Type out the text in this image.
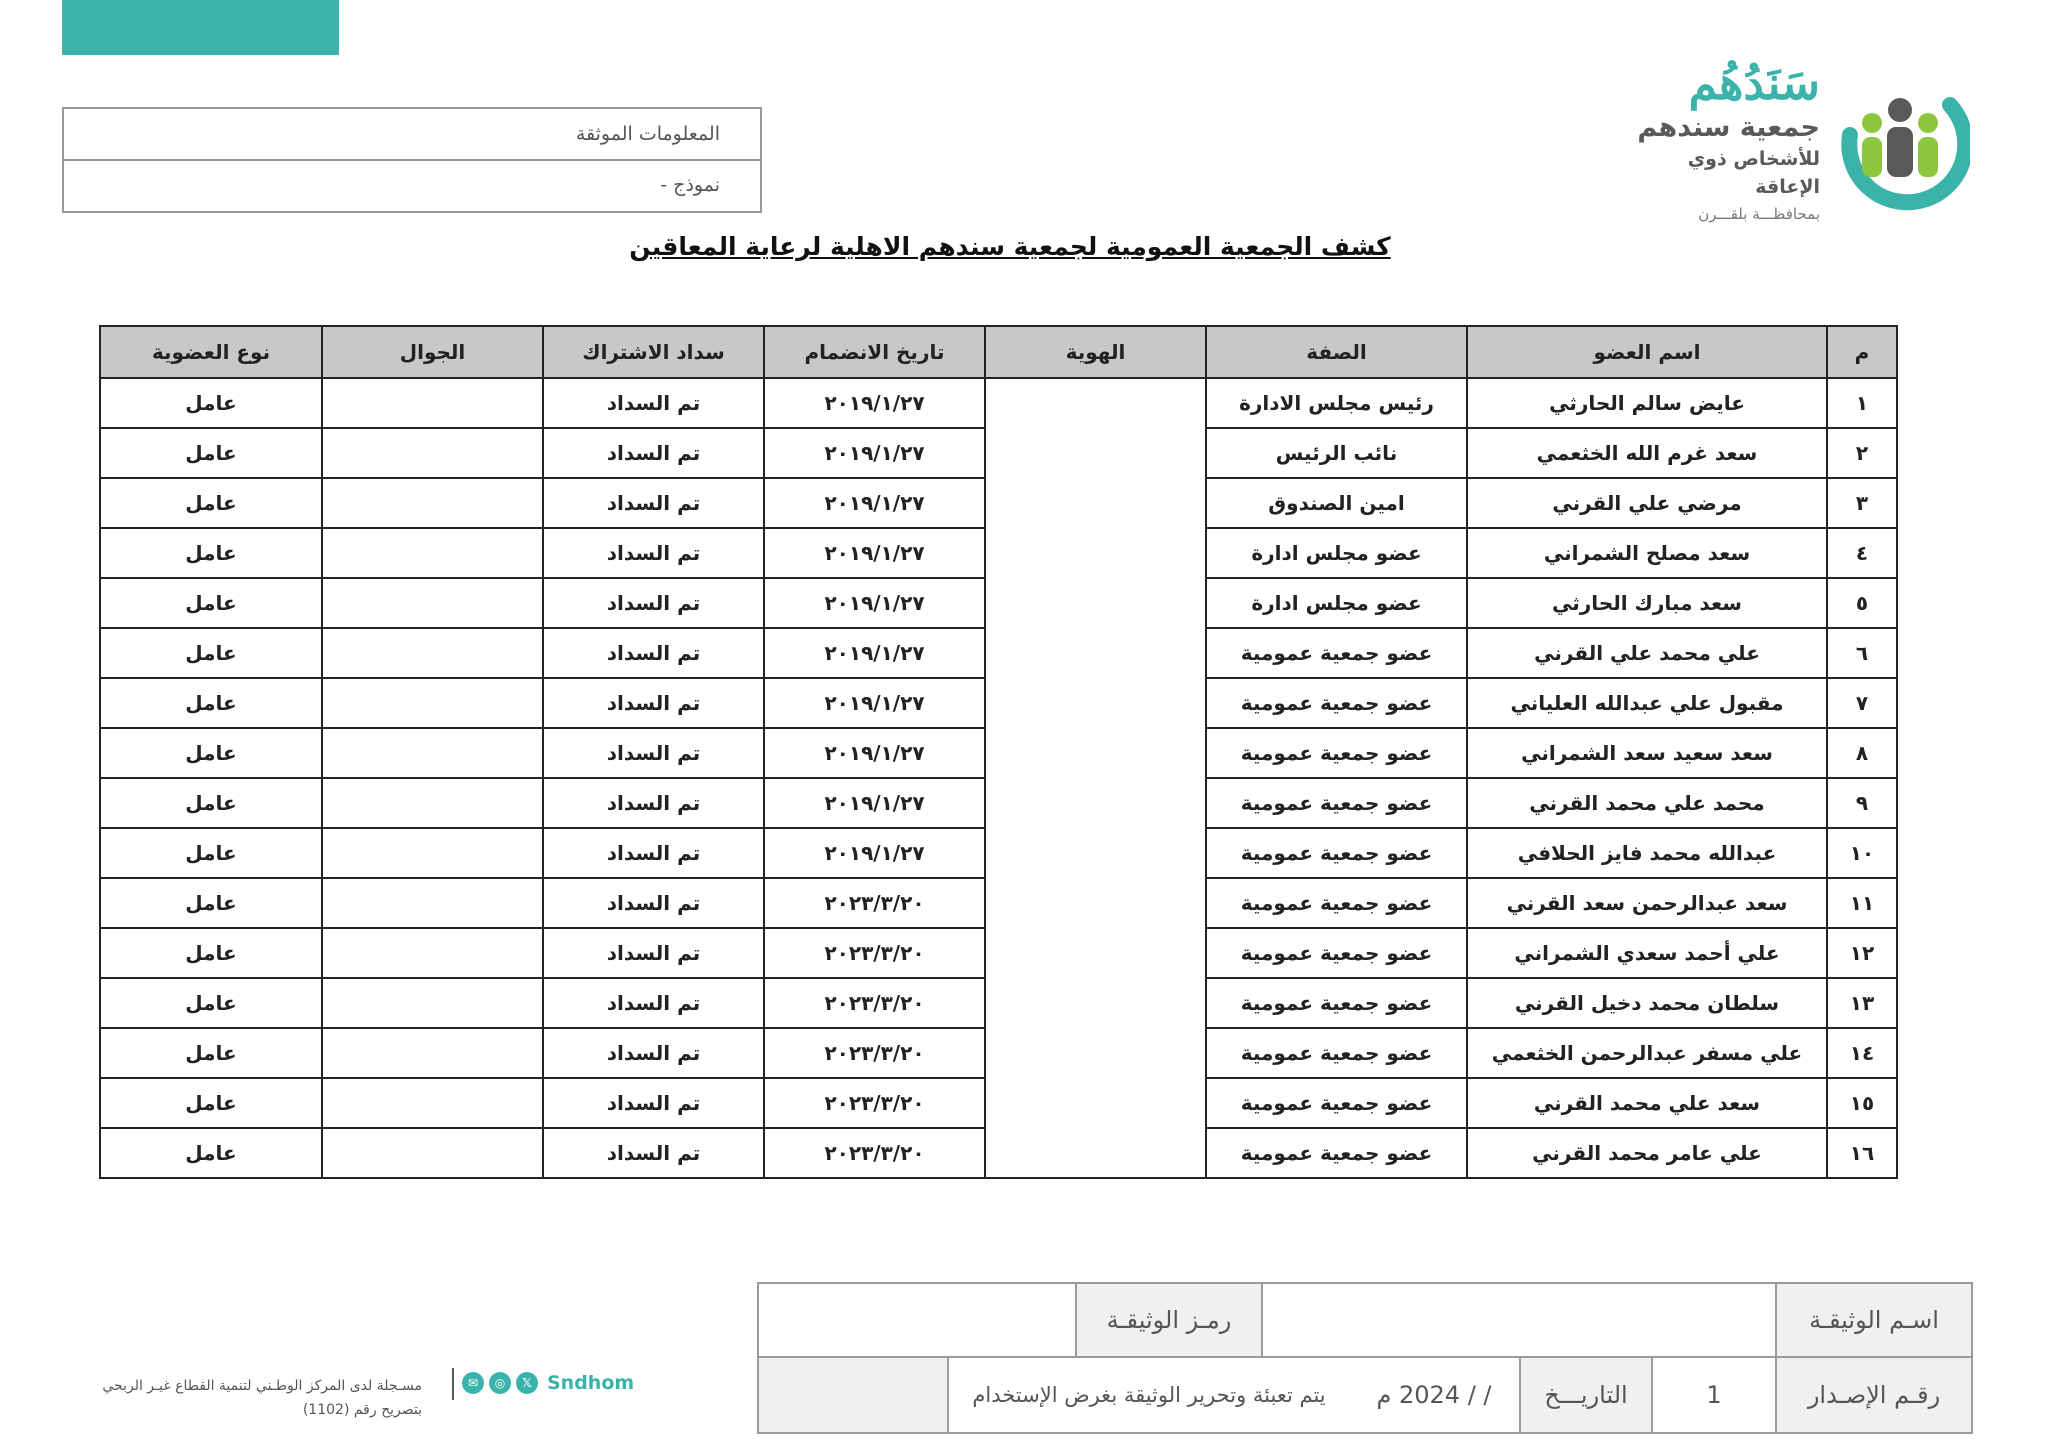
المعلومات الموثقة
نموذج -
سَنَدُهُم
جمعية سندهم
للأشخاص ذوي الإعاقة
بمحافظـــة بلقـــرن
كشف الجمعية العمومية لجمعية سندهم الاهلية لرعاية المعاقين
م	اسم العضو	الصفة	الهوية	تاريخ الانضمام	سداد الاشتراك	الجوال	نوع العضوية
١	عايض سالم الحارثي	رئيس مجلس الادارة		٢٠١٩/١/٢٧	تم السداد		عامل
٢	سعد غرم الله الخثعمي	نائب الرئيس		٢٠١٩/١/٢٧	تم السداد		عامل
٣	مرضي علي القرني	امين الصندوق		٢٠١٩/١/٢٧	تم السداد		عامل
٤	سعد مصلح الشمراني	عضو مجلس ادارة		٢٠١٩/١/٢٧	تم السداد		عامل
٥	سعد مبارك الحارثي	عضو مجلس ادارة		٢٠١٩/١/٢٧	تم السداد		عامل
٦	علي محمد علي القرني	عضو جمعية عمومية		٢٠١٩/١/٢٧	تم السداد		عامل
٧	مقبول علي عبدالله العلياني	عضو جمعية عمومية		٢٠١٩/١/٢٧	تم السداد		عامل
٨	سعد سعيد سعد الشمراني	عضو جمعية عمومية		٢٠١٩/١/٢٧	تم السداد		عامل
٩	محمد علي محمد القرني	عضو جمعية عمومية		٢٠١٩/١/٢٧	تم السداد		عامل
١٠	عبدالله محمد فايز الحلافي	عضو جمعية عمومية		٢٠١٩/١/٢٧	تم السداد		عامل
١١	سعد عبدالرحمن سعد القرني	عضو جمعية عمومية		٢٠٢٣/٣/٢٠	تم السداد		عامل
١٢	علي أحمد سعدي الشمراني	عضو جمعية عمومية		٢٠٢٣/٣/٢٠	تم السداد		عامل
١٣	سلطان محمد دخيل القرني	عضو جمعية عمومية		٢٠٢٣/٣/٢٠	تم السداد		عامل
١٤	علي مسفر عبدالرحمن الخثعمي	عضو جمعية عمومية		٢٠٢٣/٣/٢٠	تم السداد		عامل
١٥	سعد علي محمد القرني	عضو جمعية عمومية		٢٠٢٣/٣/٢٠	تم السداد		عامل
١٦	علي عامر محمد القرني	عضو جمعية عمومية		٢٠٢٣/٣/٢٠	تم السداد		عامل
اسـم الوثيقـة
رمـز الوثيقـة
رقـم الإصـدار
1
التاريـــخ
/ / 2024 م
يتم تعبئة وتحرير الوثيقة بغرض الإستخدام
✉	◎	𝕏 Sndhom
مسـجلة لدى المركز الوطـني لتنمية القطاع غيـر الربحي
بتصريح رقم (1102)
